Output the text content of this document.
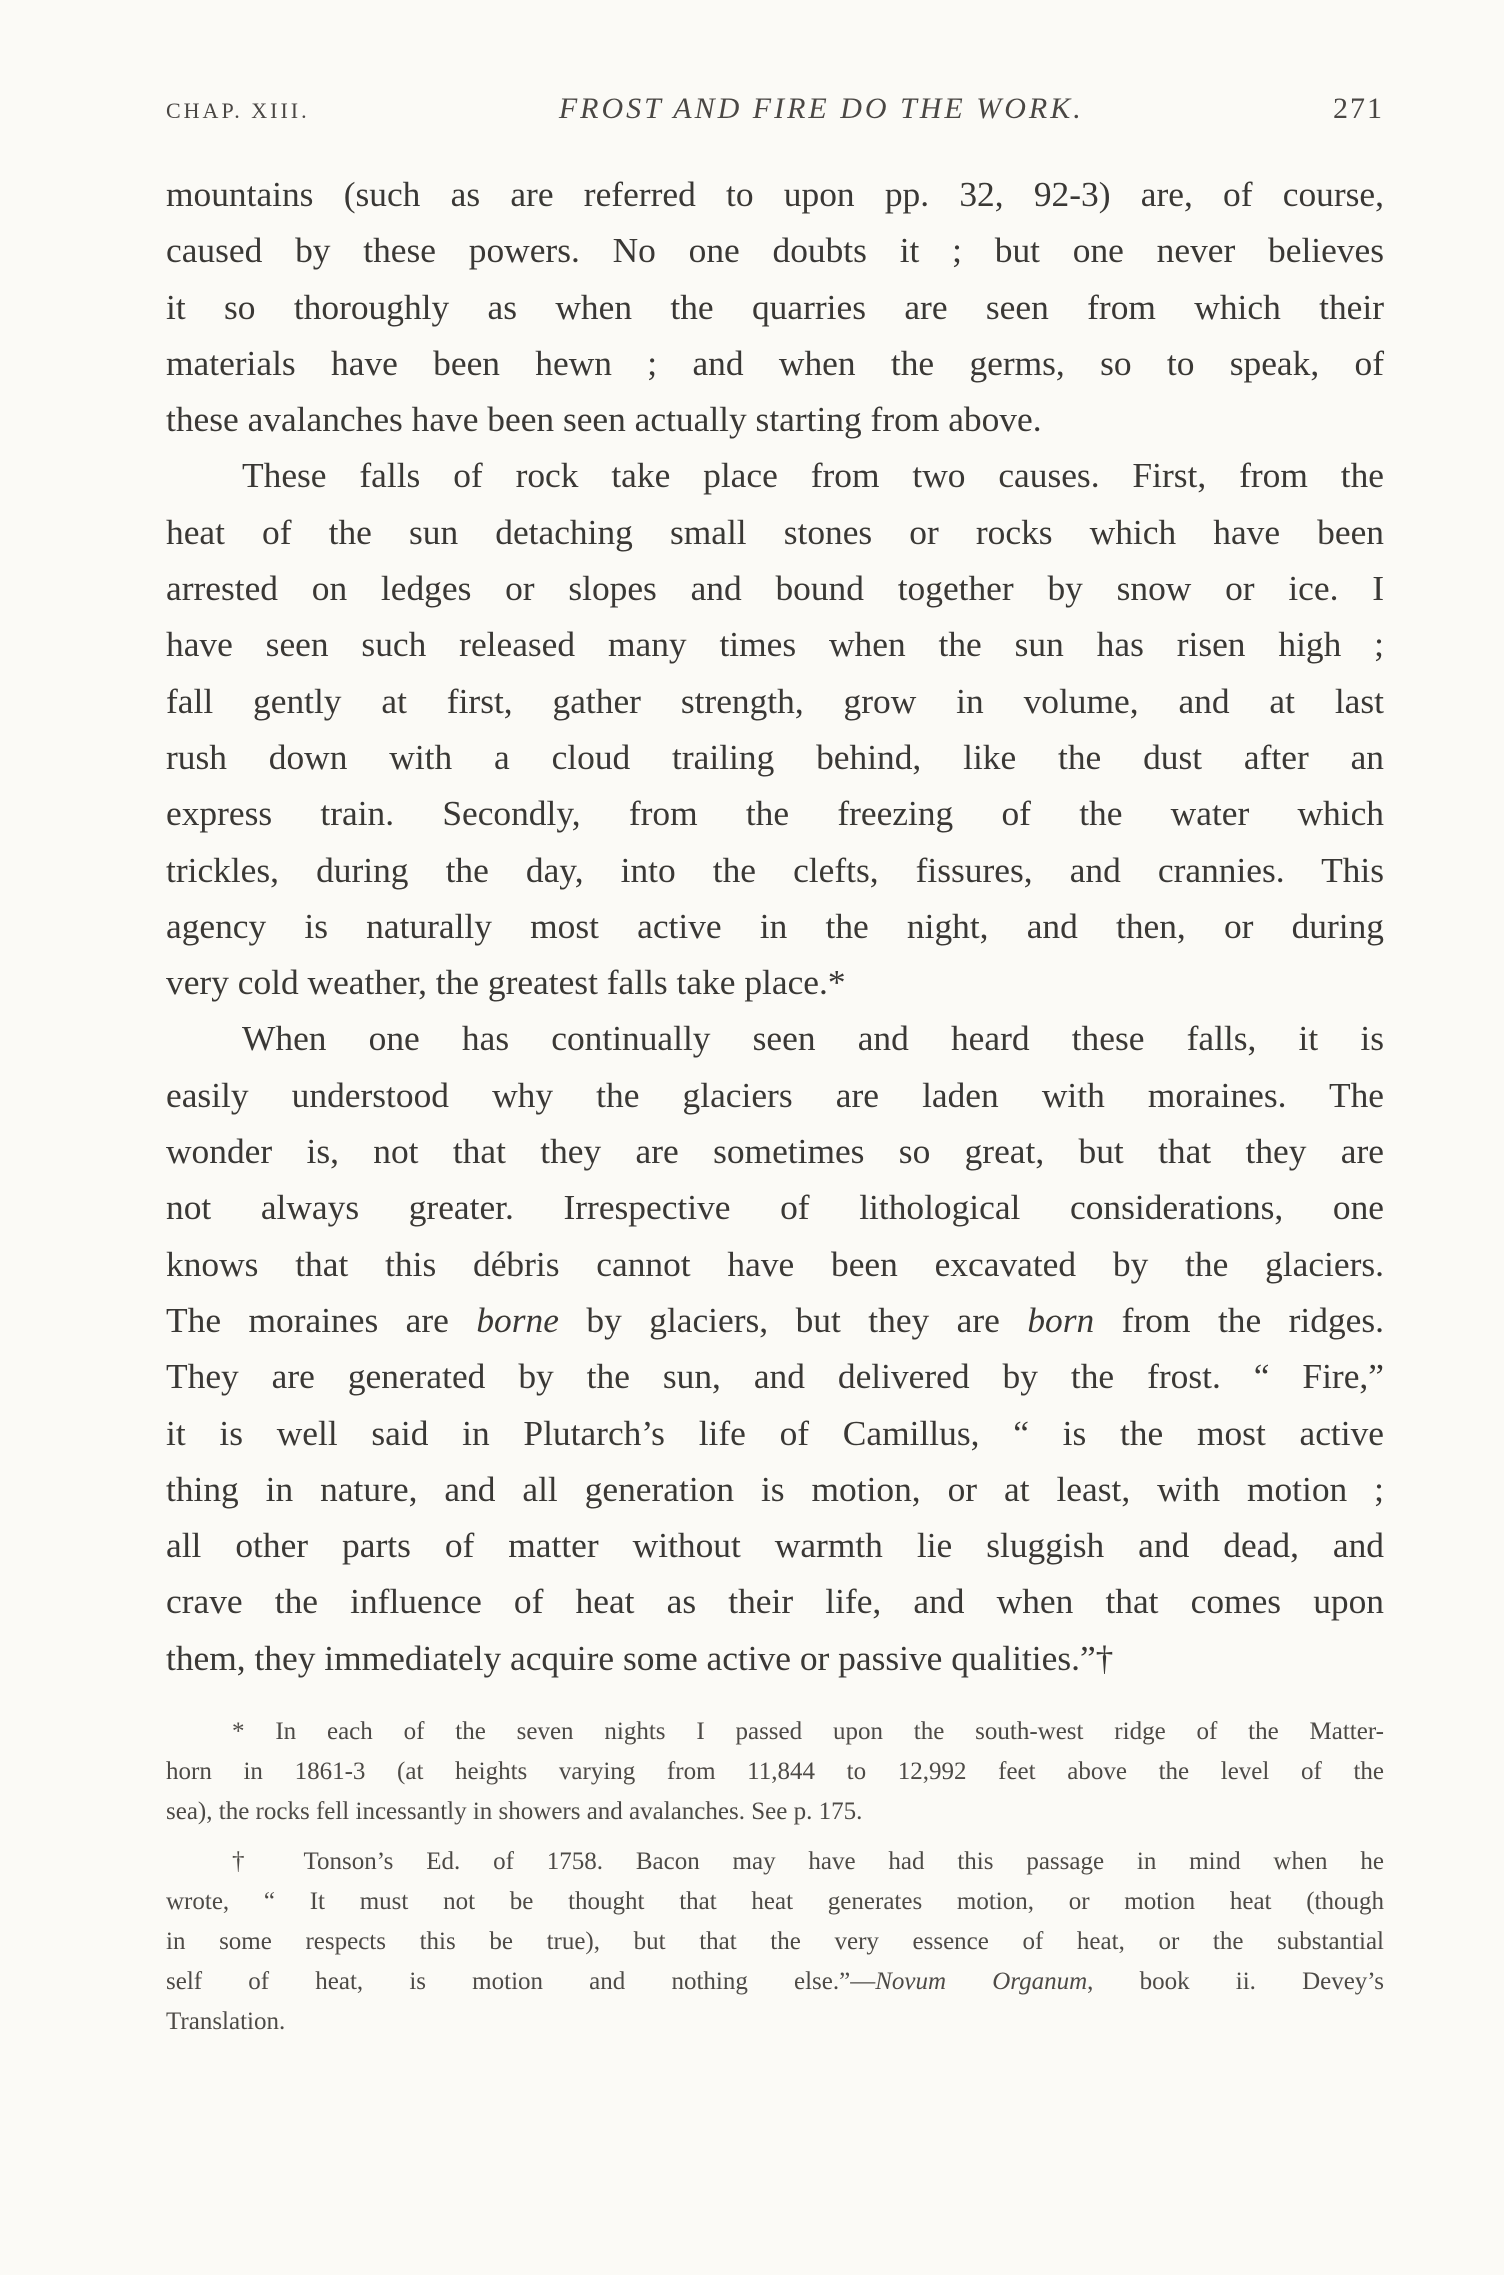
CHAP. XIII.	FROST AND FIRE DO THE WORK.	271

mountains (such as are referred to upon pp. 32, 92-3) are, of course,
caused by these powers. No one doubts it ; but one never believes
it so thoroughly as when the quarries are seen from which their
materials have been hewn ; and when the germs, so to speak, of
these avalanches have been seen actually starting from above.

These falls of rock take place from two causes. First, from the
heat of the sun detaching small stones or rocks which have been
arrested on ledges or slopes and bound together by snow or ice. I
have seen such released many times when the sun has risen high ;
fall gently at first, gather strength, grow in volume, and at last
rush down with a cloud trailing behind, like the dust after an
express train. Secondly, from the freezing of the water which
trickles, during the day, into the clefts, fissures, and crannies. This
agency is naturally most active in the night, and then, or during
very cold weather, the greatest falls take place.*

When one has continually seen and heard these falls, it is
easily understood why the glaciers are laden with moraines. The
wonder is, not that they are sometimes so great, but that they are
not always greater. Irrespective of lithological considerations, one
knows that this débris cannot have been excavated by the glaciers.
The moraines are borne by glaciers, but they are born from the ridges.
They are generated by the sun, and delivered by the frost. “ Fire,”
it is well said in Plutarch’s life of Camillus, “ is the most active
thing in nature, and all generation is motion, or at least, with motion ;
all other parts of matter without warmth lie sluggish and dead, and
crave the influence of heat as their life, and when that comes upon
them, they immediately acquire some active or passive qualities.”†

* In each of the seven nights I passed upon the south-west ridge of the Matter-
horn in 1861-3 (at heights varying from 11,844 to 12,992 feet above the level of the
sea), the rocks fell incessantly in showers and avalanches. See p. 175.

† Tonson’s Ed. of 1758. Bacon may have had this passage in mind when he
wrote, “ It must not be thought that heat generates motion, or motion heat (though
in some respects this be true), but that the very essence of heat, or the substantial
self of heat, is motion and nothing else.”—Novum Organum, book ii. Devey’s
Translation.
